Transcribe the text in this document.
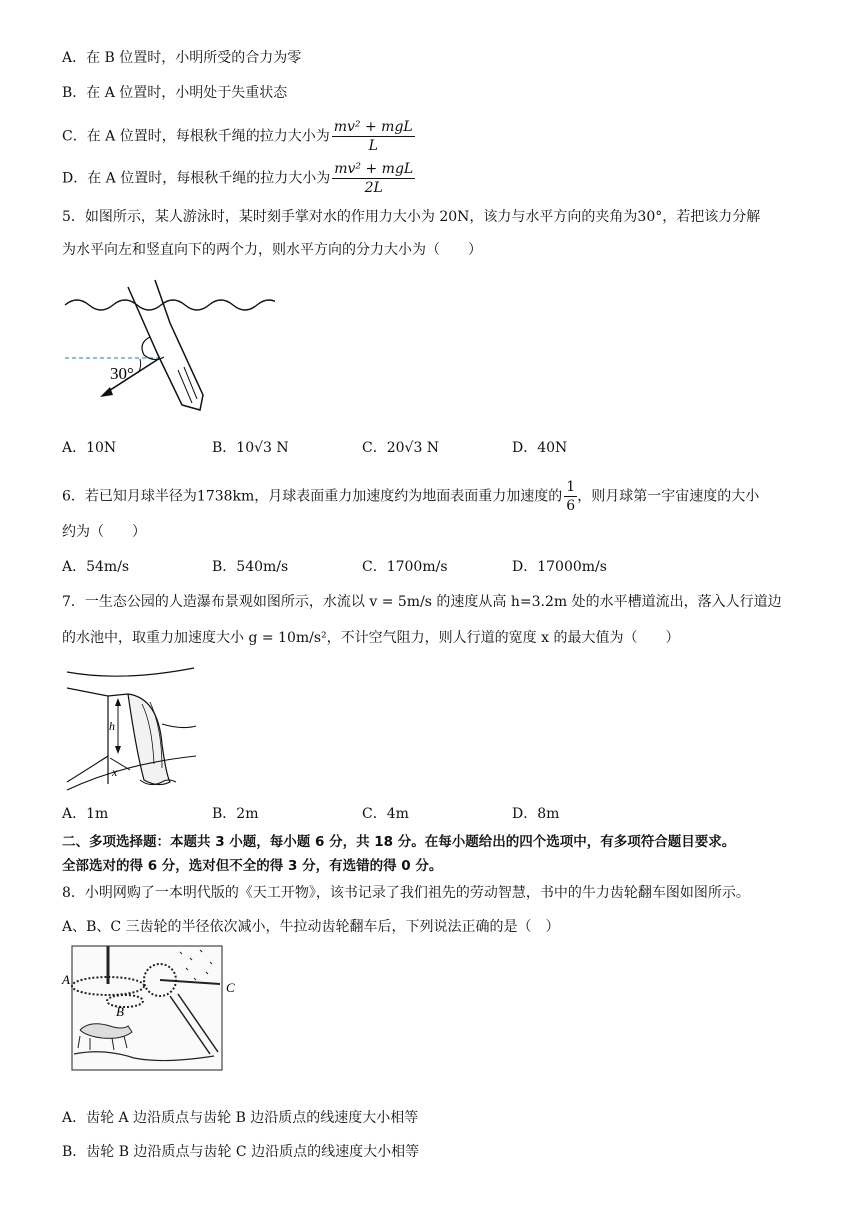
A．在 B 位置时，小明所受的合力为零
B．在 A 位置时，小明处于失重状态
C．在 A 位置时，每根秋千绳的拉力大小为 $\frac{\text{mv² + mgL}}{L}$
D．在 A 位置时，每根秋千绳的拉力大小为 $\frac{\text{mv² + mgL}}{2L}$
5．如图所示，某人游泳时，某时刻手掌对水的作用力大小为 20N，该力与水平方向的夹角为30°，若把该力分解
为水平向左和竖直向下的两个力，则水平方向的分力大小为（　　）
30°
A．10N	B．10√3 N	C．20√3 N	D．40N
6．若已知月球半径为1738km，月球表面重力加速度约为地面表面重力加速度的 $\frac{1}{6}$ ，则月球第一宇宙速度的大小
约为（　　）
A．54m/s	B．540m/s	C．1700m/s	D．17000m/s
7．一生态公园的人造瀑布景观如图所示，水流以 v = 5m/s 的速度从高 h=3.2m 处的水平槽道流出，落入人行道边
的水池中，取重力加速度大小 g = 10m/s²，不计空气阻力，则人行道的宽度 x 的最大值为（　　）
h
x
A．1m	B．2m	C．4m	D．8m
二、多项选择题：本题共 3 小题，每小题 6 分，共 18 分。在每小题给出的四个选项中，有多项符合题目要求。
全部选对的得 6 分，选对但不全的得 3 分，有选错的得 0 分。
8．小明网购了一本明代版的《天工开物》，该书记录了我们祖先的劳动智慧，书中的牛力齿轮翻车图如图所示。
A、B、C 三齿轮的半径依次减小，牛拉动齿轮翻车后，下列说法正确的是（　）
A
B
C
A．齿轮 A 边沿质点与齿轮 B 边沿质点的线速度大小相等
B．齿轮 B 边沿质点与齿轮 C 边沿质点的线速度大小相等
